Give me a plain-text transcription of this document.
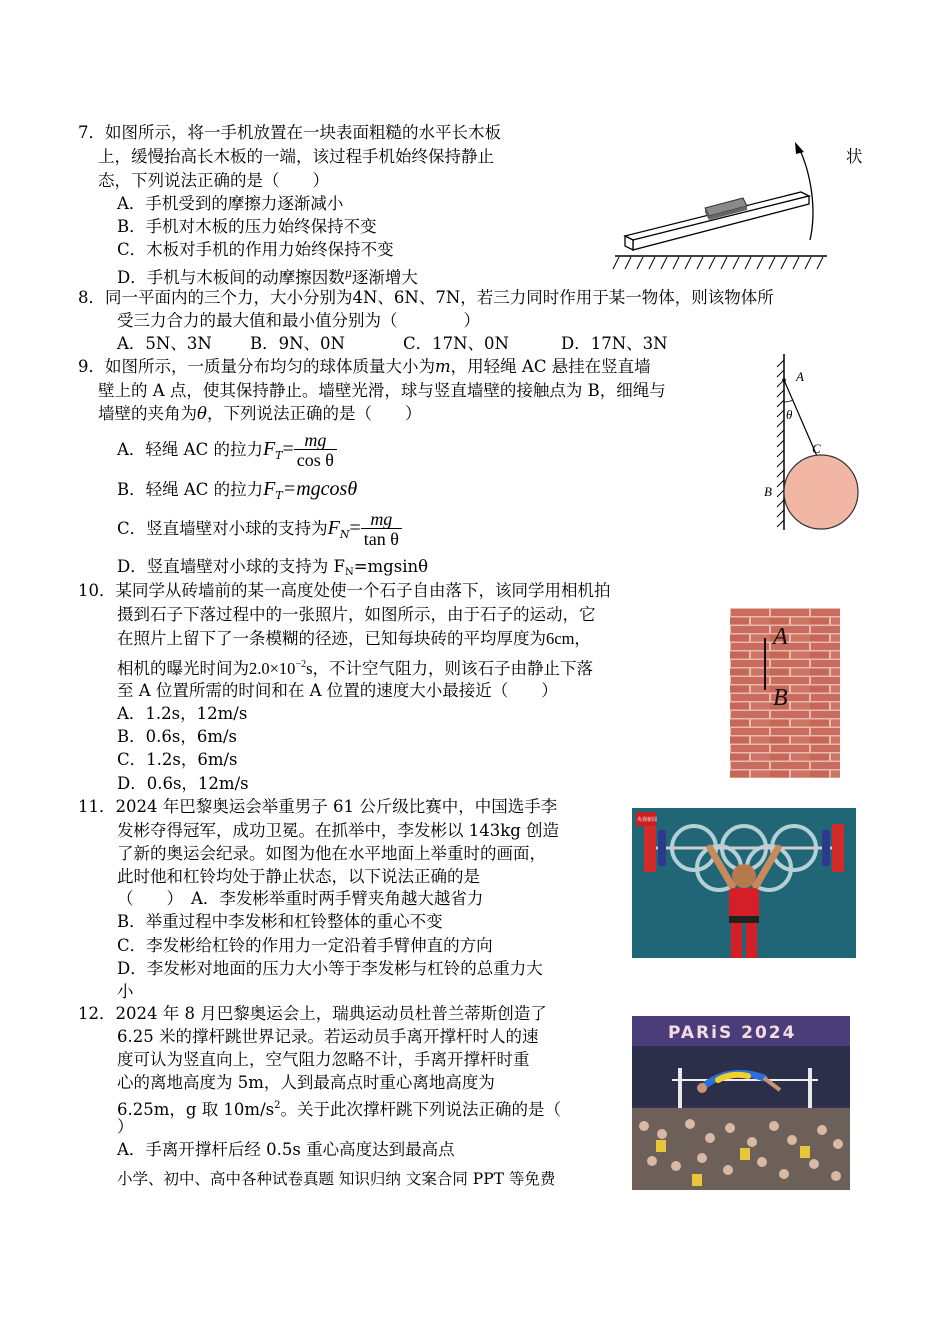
7．如图所示，将一手机放置在一块表面粗糙的水平长木板
上，缓慢抬高长木板的一端，该过程手机始终保持静止	状
态，下列说法正确的是（　　）
A．手机受到的摩擦力逐渐减小
B．手机对木板的压力始终保持不变
C．木板对手机的作用力始终保持不变
D．手机与木板间的动摩擦因数$^\mu$逐渐增大
8．同一平面内的三个力，大小分别为4N、6N、7N，若三力同时作用于某一物体，则该物体所
受三力合力的最大值和最小值分别为（　　　　）
A．5N、3N B．9N、0N	C．17N、0N	D．17N、3N
9．如图所示，一质量分布均匀的球体质量大小为m，用轻绳 AC 悬挂在竖直墙
壁上的 A 点，使其保持静止。墙壁光滑，球与竖直墙壁的接触点为 B，细绳与
墙壁的夹角为θ，下列说法正确的是（　　）
A．轻绳 AC 的拉力$F_T= \frac{mg}{\text{cos θ}}$
B．轻绳 AC 的拉力$F_T=mgcos\theta$
C．竖直墙壁对小球的支持为$F_N= \frac{mg}{\text{tan θ}}$
D．竖直墙壁对小球的支持为 FN=mgsinθ
A
θ
C
B
10．某同学从砖墙前的某一高度处使一个石子自由落下，该同学用相机拍
摄到石子下落过程中的一张照片，如图所示，由于石子的运动，它
在照片上留下了一条模糊的径迹，已知每块砖的平均厚度为6cm，
相机的曝光时间为$2.0\times 10^{-2}s$，不计空气阻力，则该石子由静止下落
至 A 位置所需的时间和在 A 位置的速度大小最接近（　　）
A．1.2s，12m/s
B．0.6s，6m/s
C．1.2s，6m/s
D．0.6s，12m/s
A
B
11．2024 年巴黎奥运会举重男子 61 公斤级比赛中，中国选手李
发彬夺得冠军，成功卫冕。在抓举中，李发彬以 143kg 创造
了新的奥运会纪录。如图为他在水平地面上举重时的画面，
此时他和杠铃均处于静止状态，以下说法正确的是
（　　） A．李发彬举重时两手臂夹角越大越省力
B．举重过程中李发彬和杠铃整体的重心不变
C．李发彬给杠铃的作用力一定沿着手臂伸直的方向
D．李发彬对地面的压力大小等于李发彬与杠铃的总重力大
小
央视新闻
12．2024 年 8 月巴黎奥运会上，瑞典运动员杜普兰蒂斯创造了
6.25 米的撑杆跳世界记录。若运动员手离开撑杆时人的速
度可认为竖直向上，空气阻力忽略不计，手离开撑杆时重
心的离地高度为 5m，人到最高点时重心离地高度为
6.25m，g 取 $10m/s^2$。关于此次撑杆跳下列说法正确的是（
）
A．手离开撑杆后经 0.5s 重心高度达到最高点
PARiS 2024
小学、初中、高中各种试卷真题 知识归纳 文案合同 PPT 等免费
